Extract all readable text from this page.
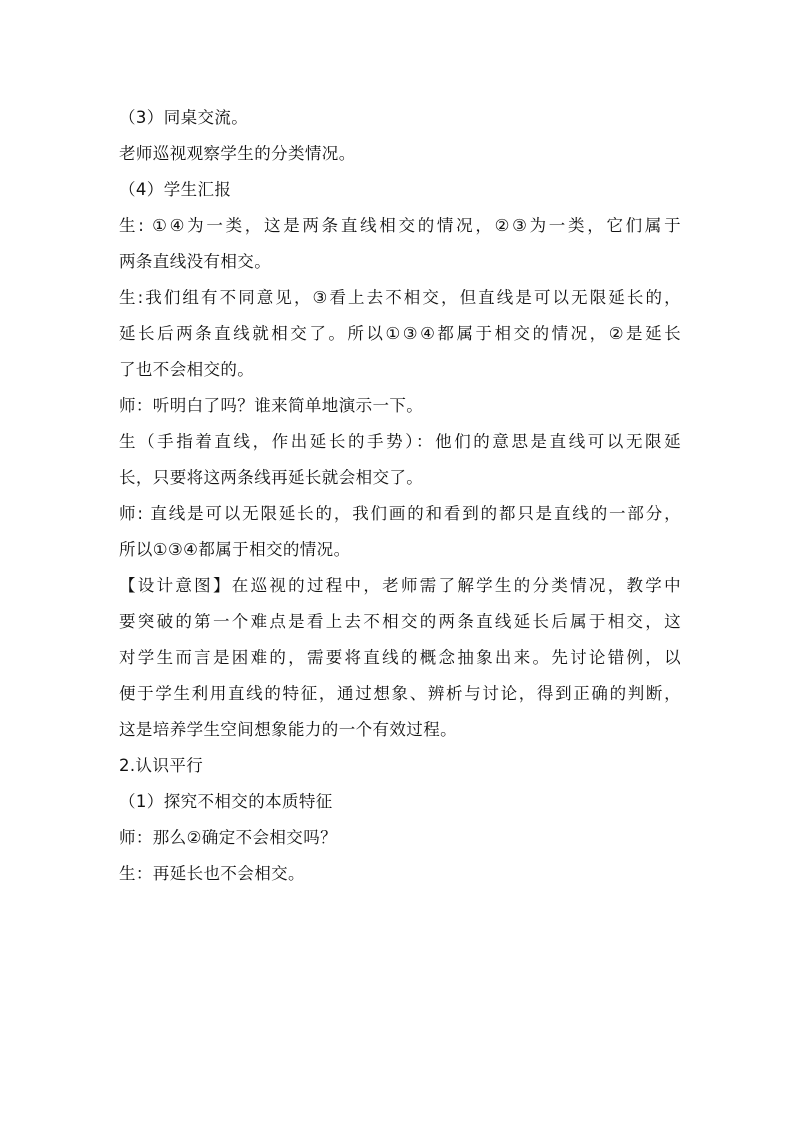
（3）同桌交流。
老师巡视观察学生的分类情况。
（4）学生汇报
生: ①④为一类，这是两条直线相交的情况，②③为一类，它们属于
两条直线没有相交。
生:我们组有不同意见，③看上去不相交，但直线是可以无限延长的，
延长后两条直线就相交了。所以①③④都属于相交的情况，②是延长
了也不会相交的。
师：听明白了吗？谁来简单地演示一下。
生（手指着直线，作出延长的手势）：他们的意思是直线可以无限延
长，只要将这两条线再延长就会相交了。
师: 直线是可以无限延长的，我们画的和看到的都只是直线的一部分，
所以①③④都属于相交的情况。
【设计意图】在巡视的过程中，老师需了解学生的分类情况，教学中
要突破的第一个难点是看上去不相交的两条直线延长后属于相交，这
对学生而言是困难的，需要将直线的概念抽象出来。先讨论错例，以
便于学生利用直线的特征，通过想象、辨析与讨论，得到正确的判断，
这是培养学生空间想象能力的一个有效过程。
2.认识平行
（1）探究不相交的本质特征
师：那么②确定不会相交吗？
生：再延长也不会相交。
